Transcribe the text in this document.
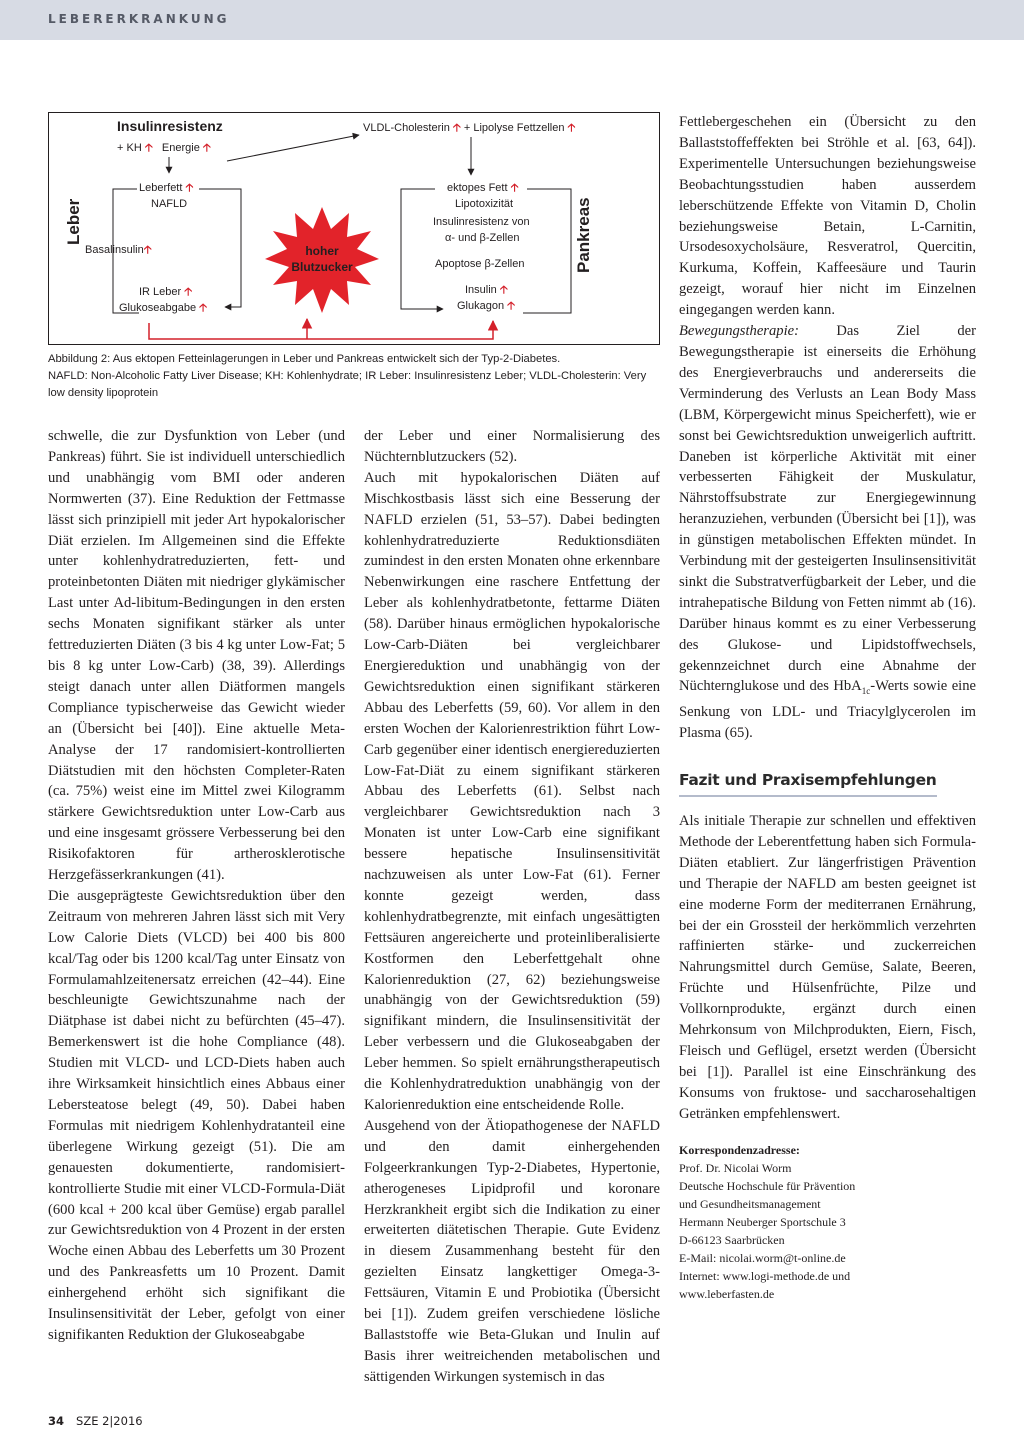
LEBERERKRANKUNG
Insulinresistenz
+ KH 🡡 Energie 🡡
Leberfett 🡡
NAFLD
Basalinsulin🡡
IR Leber 🡡
Glukoseabgabe 🡡
VLDL-Cholesterin 🡡 + Lipolyse Fettzellen 🡡
ektopes Fett 🡡
Lipotoxizität
Insulinresistenz von
α- und β-Zellen
Apoptose β-Zellen
Insulin 🡡
Glukagon 🡡
Leber	Pankreas
hoher
Blutzucker

Abbildung 2: Aus ektopen Fetteinlagerungen in Leber und Pankreas entwickelt sich der Typ-2-Diabetes.

NAFLD: Non-Alcoholic Fatty Liver Disease; KH: Kohlenhydrate; IR Leber: Insulinresistenz Leber; VLDL-Cholesterin: Very low density lipoprotein

schwelle, die zur Dysfunktion von Leber (und Pankreas) führt. Sie ist individuell unterschiedlich und unabhängig vom BMI oder anderen Normwerten (37). Eine Reduktion der Fettmasse lässt sich prinzipiell mit jeder Art hypokalorischer Diät erzielen. Im Allgemeinen sind die Effekte unter kohlenhydratreduzierten, fett- und proteinbetonten Diäten mit niedriger glykämischer Last unter Ad-libitum-Bedingungen in den ersten sechs Monaten signifikant stärker als unter fettreduzierten Diäten (3 bis 4 kg unter Low-Fat; 5 bis 8 kg unter Low-Carb) (38, 39). Allerdings steigt danach unter allen Diätformen mangels Compliance typischerweise das Gewicht wieder an (Übersicht bei [40]). Eine aktuelle Meta-Analyse der 17 randomisiert-kontrollierten Diätstudien mit den höchsten Completer-Raten (ca. 75%) weist eine im Mittel zwei Kilogramm stärkere Gewichtsreduktion unter Low-Carb aus und eine insgesamt grössere Verbesserung bei den Risikofaktoren für artherosklerotische Herzgefässerkrankungen (41).

Die ausgeprägteste Gewichtsreduktion über den Zeitraum von mehreren Jahren lässt sich mit Very Low Calorie Diets (VLCD) bei 400 bis 800 kcal/Tag oder bis 1200 kcal/Tag unter Einsatz von Formulamahlzeitenersatz erreichen (42–44). Eine beschleunigte Gewichtszunahme nach der Diätphase ist dabei nicht zu befürchten (45–47). Bemerkenswert ist die hohe Compliance (48). Studien mit VLCD- und LCD-Diets haben auch ihre Wirksamkeit hinsichtlich eines Abbaus einer Lebersteatose belegt (49, 50). Dabei haben Formulas mit niedrigem Kohlenhydratanteil eine überlegene Wirkung gezeigt (51). Die am genauesten dokumentierte, randomisiert-kontrollierte Studie mit einer VLCD-Formula-Diät (600 kcal + 200 kcal über Gemüse) ergab parallel zur Gewichtsreduktion von 4 Prozent in der ersten Woche einen Abbau des Leberfetts um 30 Prozent und des Pankreasfetts um 10 Prozent. Damit einhergehend erhöht sich signifikant die Insulinsensitivität der Leber, gefolgt von einer signifikanten Reduktion der Glukoseabgabe

der Leber und einer Normalisierung des Nüchternblutzuckers (52).

Auch mit hypokalorischen Diäten auf Mischkostbasis lässt sich eine Besserung der NAFLD erzielen (51, 53–57). Dabei bedingten kohlenhydratreduzierte Reduktionsdiäten zumindest in den ersten Monaten ohne erkennbare Nebenwirkungen eine raschere Entfettung der Leber als kohlenhydratbetonte, fettarme Diäten (58). Darüber hinaus ermöglichen hypokalorische Low-Carb-Diäten bei vergleichbarer Energiereduktion und unabhängig von der Gewichtsreduktion einen signifikant stärkeren Abbau des Leberfetts (59, 60). Vor allem in den ersten Wochen der Kalorienrestriktion führt Low-Carb gegenüber einer identisch energiereduzierten Low-Fat-Diät zu einem signifikant stärkeren Abbau des Leberfetts (61). Selbst nach vergleichbarer Gewichtsreduktion nach 3 Monaten ist unter Low-Carb eine signifikant bessere hepatische Insulinsensitivität nachzuweisen als unter Low-Fat (61). Ferner konnte gezeigt werden, dass kohlenhydratbegrenzte, mit einfach ungesättigten Fettsäuren angereicherte und proteinliberalisierte Kostformen den Leberfettgehalt ohne Kalorienreduktion (27, 62) beziehungsweise unabhängig von der Gewichtsreduktion (59) signifikant mindern, die Insulinsensitivität der Leber verbessern und die Glukoseabgaben der Leber hemmen. So spielt ernährungstherapeutisch die Kohlenhydratreduktion unabhängig von der Kalorienreduktion eine entscheidende Rolle.

Ausgehend von der Ätiopathogenese der NAFLD und den damit einhergehenden Folgeerkrankungen Typ-2-Diabetes, Hypertonie, atherogeneses Lipidprofil und koronare Herzkrankheit ergibt sich die Indikation zu einer erweiterten diätetischen Therapie. Gute Evidenz in diesem Zusammenhang besteht für den gezielten Einsatz langkettiger Omega-3-Fettsäuren, Vitamin E und Probiotika (Übersicht bei [1]). Zudem greifen verschiedene lösliche Ballaststoffe wie Beta-Glukan und Inulin auf Basis ihrer weitreichenden metabolischen und sättigenden Wirkungen systemisch in das

Fettlebergeschehen ein (Übersicht zu den Ballaststoffeffekten bei Ströhle et al. [63, 64]). Experimentelle Untersuchungen beziehungsweise Beobachtungsstudien haben ausserdem leberschützende Effekte von Vitamin D, Cholin beziehungsweise Betain, L-Carnitin, Ursodesoxycholsäure, Resveratrol, Quercitin, Kurkuma, Koffein, Kaffeesäure und Taurin gezeigt, worauf hier nicht im Einzelnen eingegangen werden kann.

Bewegungstherapie: Das Ziel der Bewegungstherapie ist einerseits die Erhöhung des Energieverbrauchs und andererseits die Verminderung des Verlusts an Lean Body Mass (LBM, Körpergewicht minus Speicherfett), wie er sonst bei Gewichtsreduktion unweigerlich auftritt. Daneben ist körperliche Aktivität mit einer verbesserten Fähigkeit der Muskulatur, Nährstoffsubstrate zur Energiegewinnung heranzuziehen, verbunden (Übersicht bei [1]), was in günstigen metabolischen Effekten mündet. In Verbindung mit der gesteigerten Insulinsensitivität sinkt die Substratverfügbarkeit der Leber, und die intrahepatische Bildung von Fetten nimmt ab (16). Darüber hinaus kommt es zu einer Verbesserung des Glukose- und Lipidstoffwechsels, gekennzeichnet durch eine Abnahme der Nüchternglukose und des HbA$_{1c}$-Werts sowie eine Senkung von LDL- und Triacylglycerolen im Plasma (65).

Fazit und Praxisempfehlungen

Als initiale Therapie zur schnellen und effektiven Methode der Leberentfettung haben sich Formula-Diäten etabliert. Zur längerfristigen Prävention und Therapie der NAFLD am besten geeignet ist eine moderne Form der mediterranen Ernährung, bei der ein Grossteil der herkömmlich verzehrten raffinierten stärke- und zuckerreichen Nahrungsmittel durch Gemüse, Salate, Beeren, Früchte und Hülsenfrüchte, Pilze und Vollkornprodukte, ergänzt durch einen Mehrkonsum von Milchprodukten, Eiern, Fisch, Fleisch und Geflügel, ersetzt werden (Übersicht bei [1]). Parallel ist eine Einschränkung des Konsums von fruktose- und saccharosehaltigen Getränken empfehlenswert.

Korrespondenzadresse:
Prof. Dr. Nicolai Worm
Deutsche Hochschule für Prävention
und Gesundheitsmanagement
Hermann Neuberger Sportschule 3
D-66123 Saarbrücken
E-Mail: nicolai.worm@t-online.de
Internet: www.logi-methode.de und
www.leberfasten.de
34 SZE 2|2016
